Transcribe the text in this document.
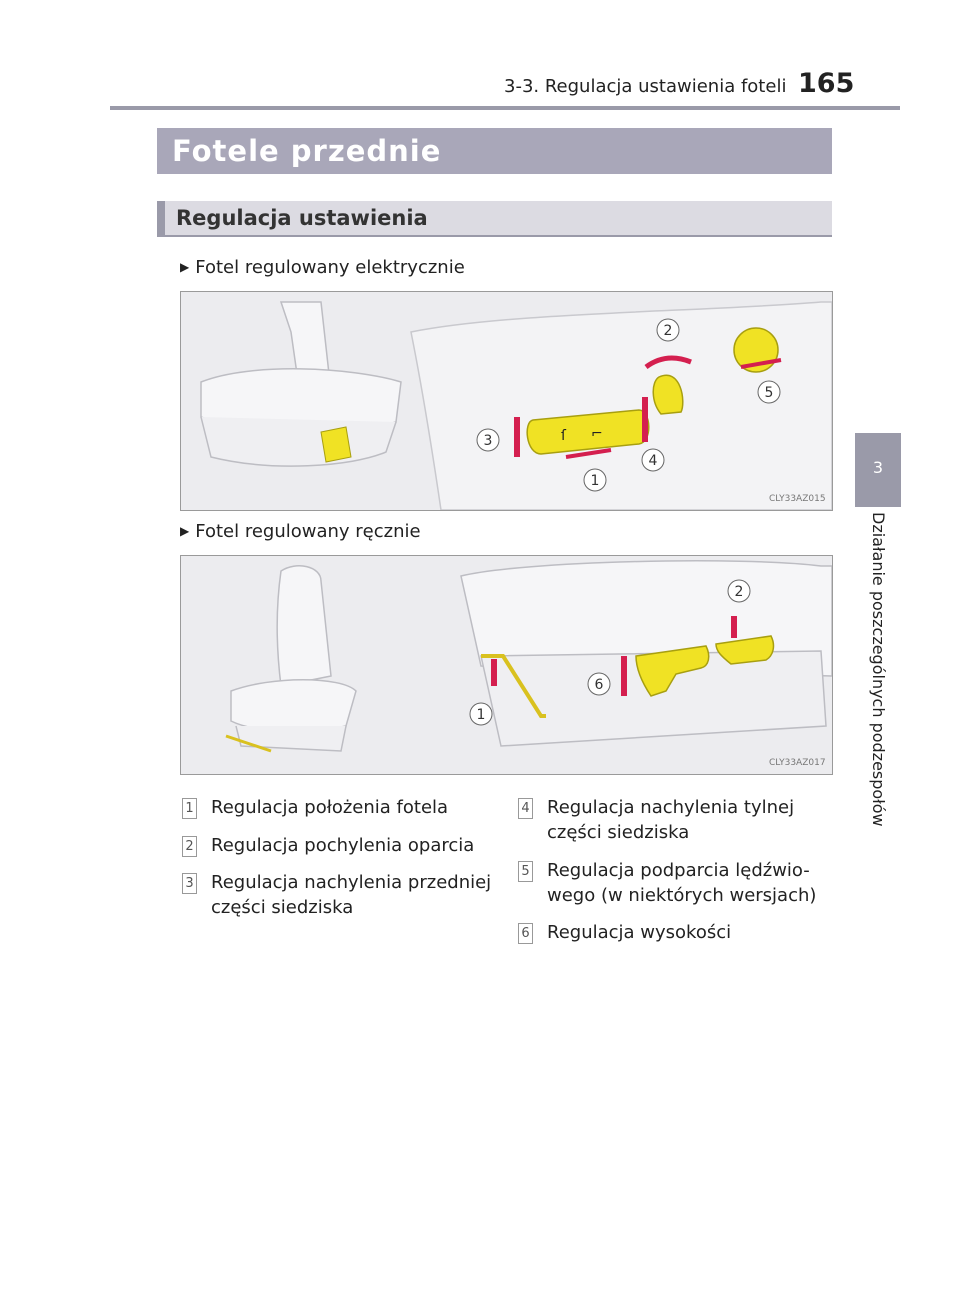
3-3. Regulacja ustawienia foteli 165
3
Działanie poszczególnych podzespołów
Fotele przednie
Regulacja ustawienia
▶ Fotel regulowany elektrycznie
ſ ⌐
2
3
1
4
5
CLY33AZ015
▶ Fotel regulowany ręcznie
1
2
6
CLY33AZ017
1 Regulacja położenia fotela
2 Regulacja pochylenia oparcia
3 Regulacja nachylenia przedniej
części siedziska
4 Regulacja nachylenia tylnej
części siedziska
5 Regulacja podparcia lędźwio-
wego (w niektórych wersjach)
6 Regulacja wysokości
